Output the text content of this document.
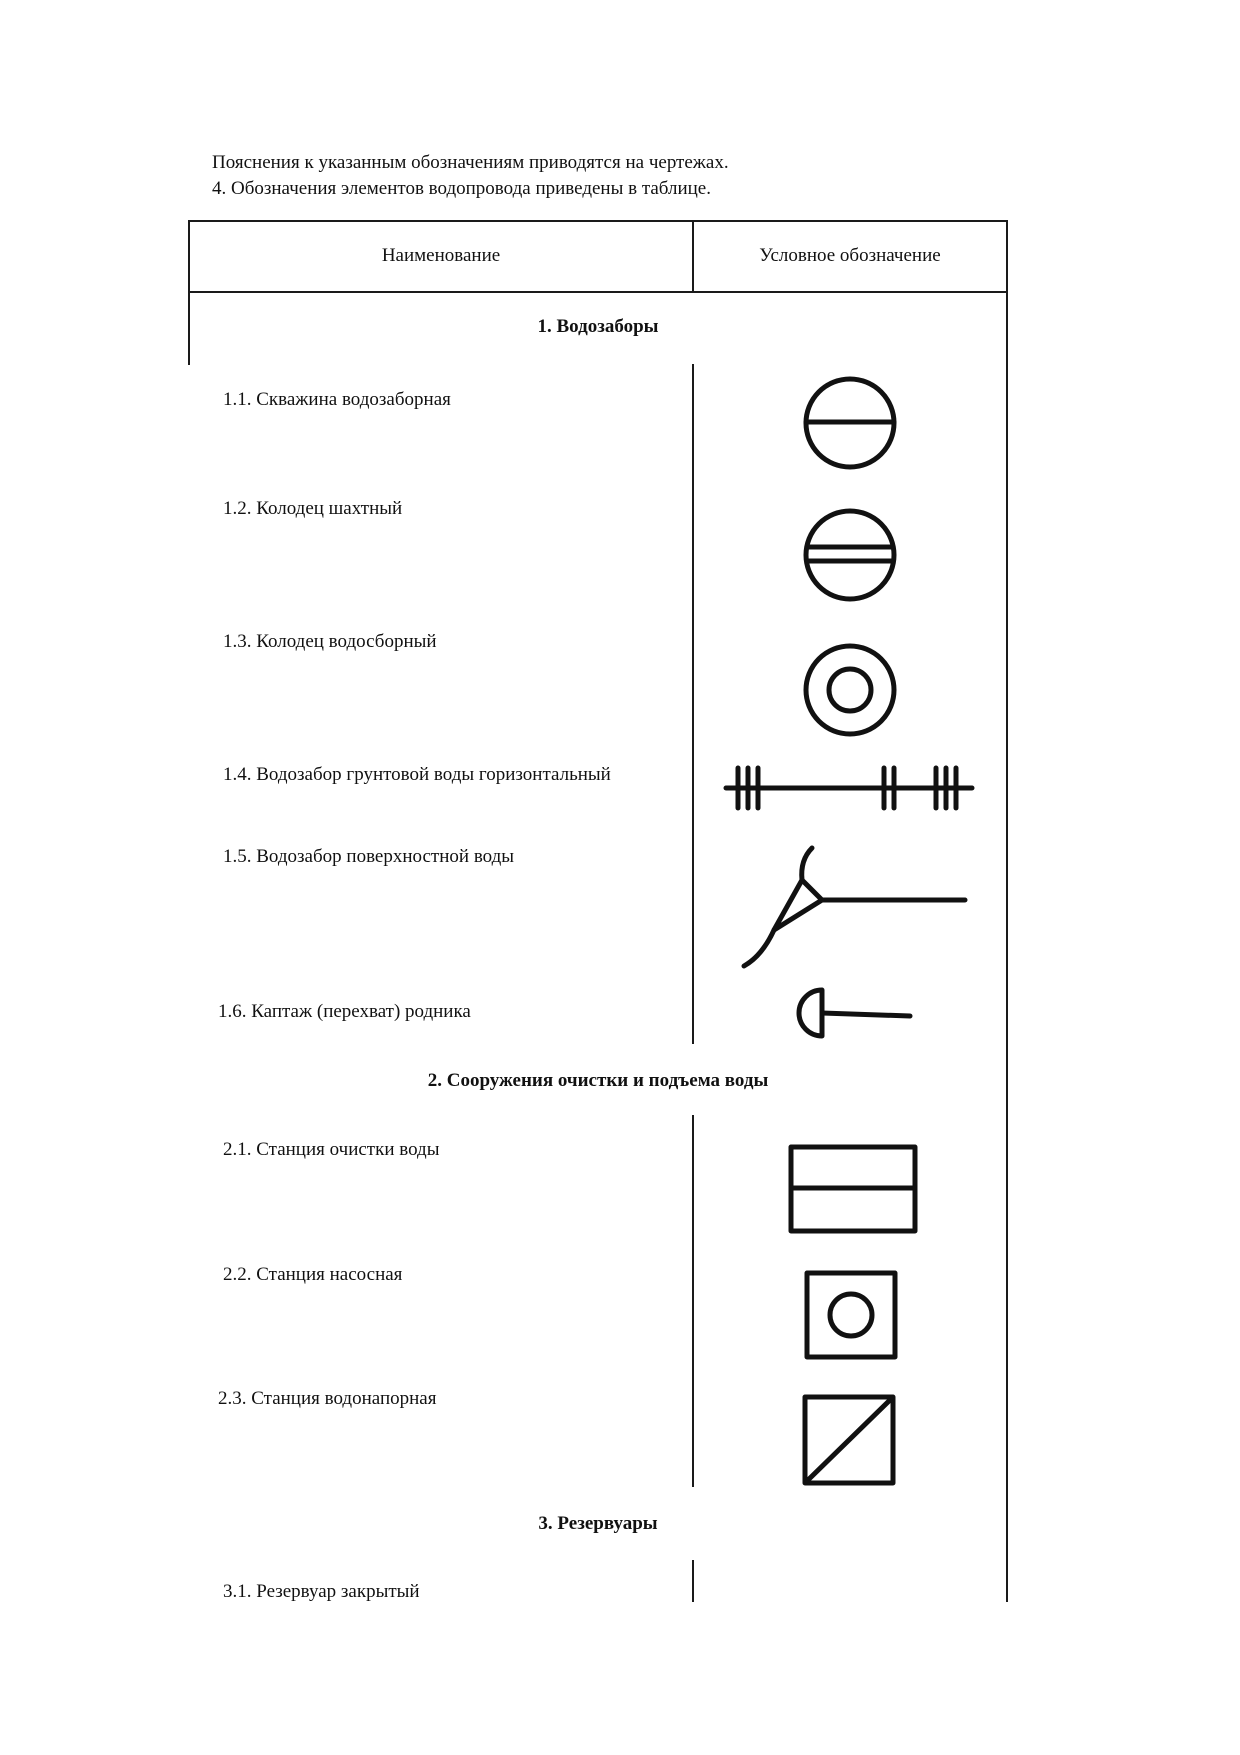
Пояснения к указанным обозначениям приводятся на чертежах.
4. Обозначения элементов водопровода приведены в таблице.
Наименование	Условное обозначение
1. Водозаборы
1.1. Скважина водозаборная
1.2. Колодец шахтный
1.3. Колодец водосборный
1.4. Водозабор грунтовой воды горизонтальный
1.5. Водозабор поверхностной воды
1.6. Каптаж (перехват) родника
2. Сооружения очистки и подъема воды
2.1. Станция очистки воды
2.2. Станция насосная
2.3. Станция водонапорная
3. Резервуары
3.1. Резервуар закрытый
